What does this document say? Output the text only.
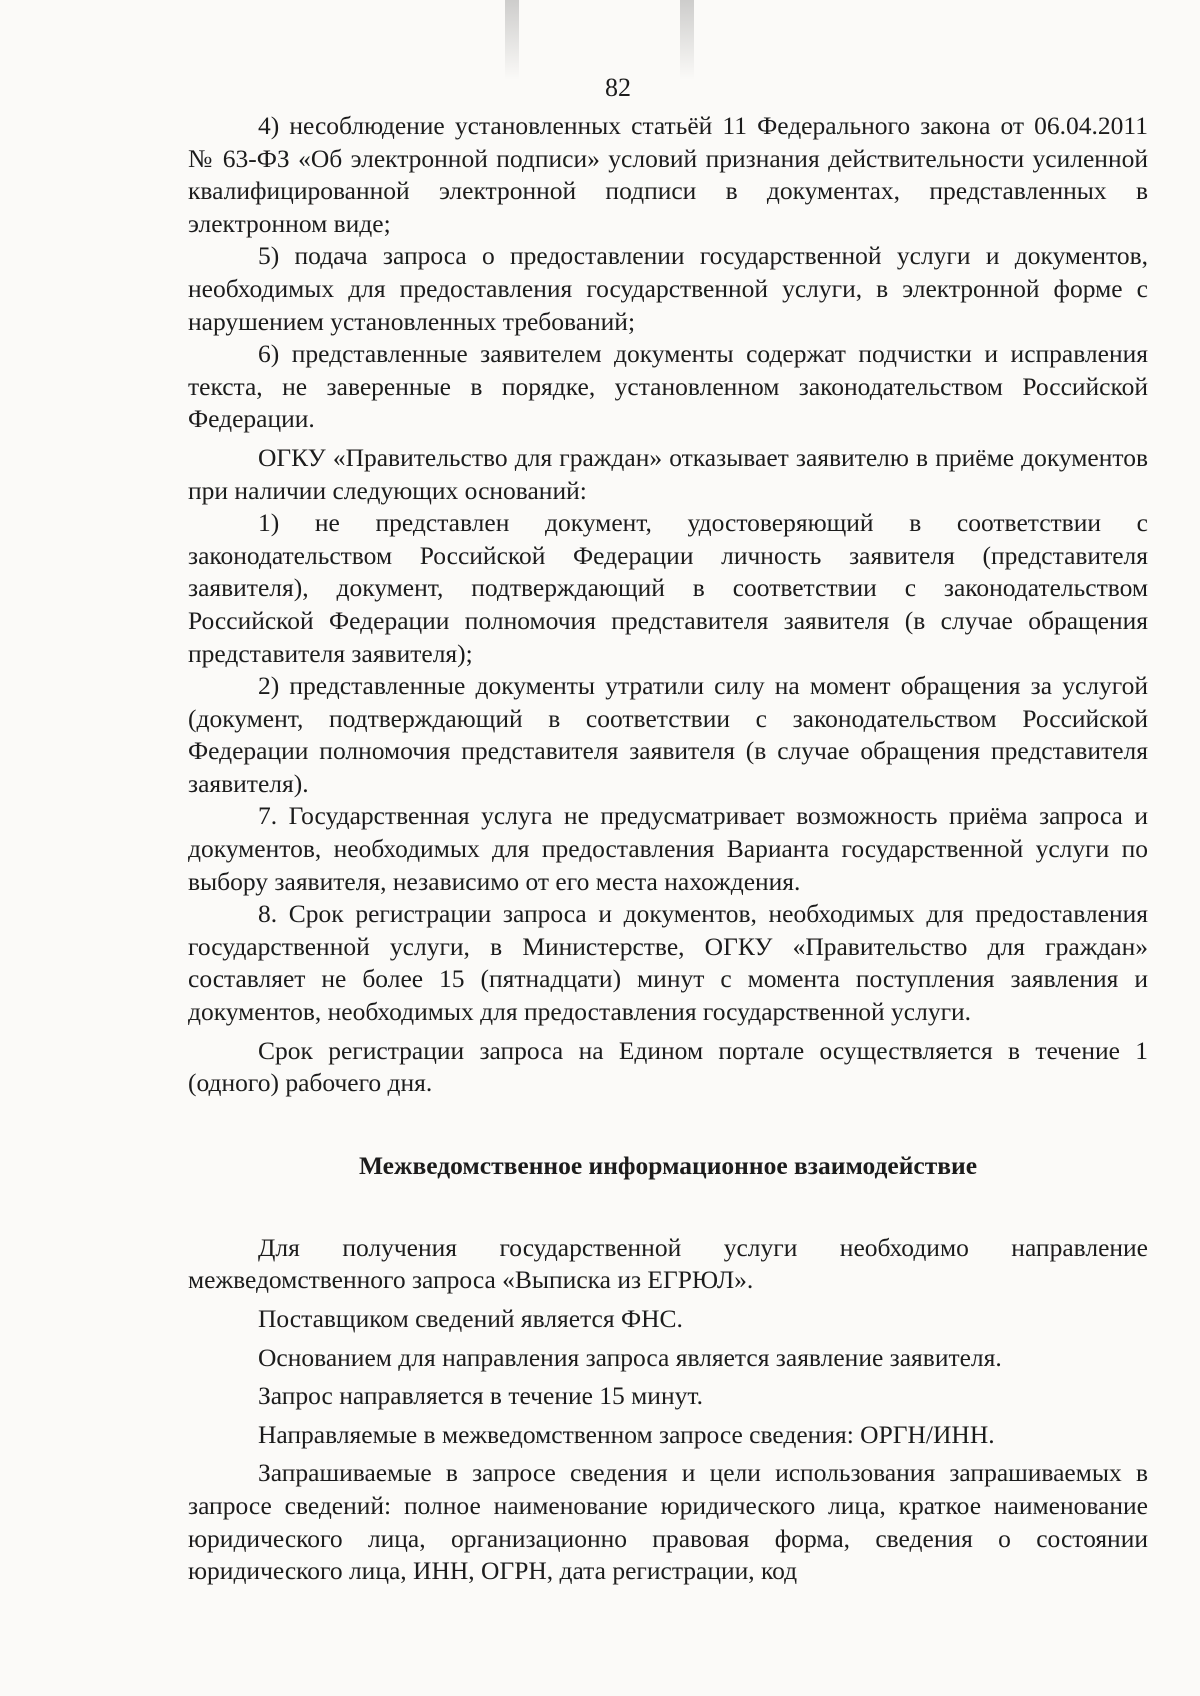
82

4) несоблюдение установленных статьёй 11 Федерального закона от 06.04.2011 № 63-ФЗ «Об электронной подписи» условий признания действительности усиленной квалифицированной электронной подписи в документах, представленных в электронном виде;

5) подача запроса о предоставлении государственной услуги и документов, необходимых для предоставления государственной услуги, в электронной форме с нарушением установленных требований;

6) представленные заявителем документы содержат подчистки и исправления текста, не заверенные в порядке, установленном законодательством Российской Федерации.

ОГКУ «Правительство для граждан» отказывает заявителю в приёме документов при наличии следующих оснований:

1) не представлен документ, удостоверяющий в соответствии с законодательством Российской Федерации личность заявителя (представителя заявителя), документ, подтверждающий в соответствии с законодательством Российской Федерации полномочия представителя заявителя (в случае обращения представителя заявителя);

2) представленные документы утратили силу на момент обращения за услугой (документ, подтверждающий в соответствии с законодательством Российской Федерации полномочия представителя заявителя (в случае обращения представителя заявителя).

7. Государственная услуга не предусматривает возможность приёма запроса и документов, необходимых для предоставления Варианта государственной услуги по выбору заявителя, независимо от его места нахождения.

8. Срок регистрации запроса и документов, необходимых для предоставления государственной услуги, в Министерстве, ОГКУ «Правительство для граждан» составляет не более 15 (пятнадцати) минут с момента поступления заявления и документов, необходимых для предоставления государственной услуги.

Срок регистрации запроса на Едином портале осуществляется в течение 1 (одного) рабочего дня.

Межведомственное информационное взаимодействие

Для получения государственной услуги необходимо направление межведомственного запроса «Выписка из ЕГРЮЛ».

Поставщиком сведений является ФНС.

Основанием для направления запроса является заявление заявителя.

Запрос направляется в течение 15 минут.

Направляемые в межведомственном запросе сведения: ОРГН/ИНН.

Запрашиваемые в запросе сведения и цели использования запрашиваемых в запросе сведений: полное наименование юридического лица, краткое наименование юридического лица, организационно правовая форма, сведения о состоянии юридического лица, ИНН, ОГРН, дата регистрации, код
